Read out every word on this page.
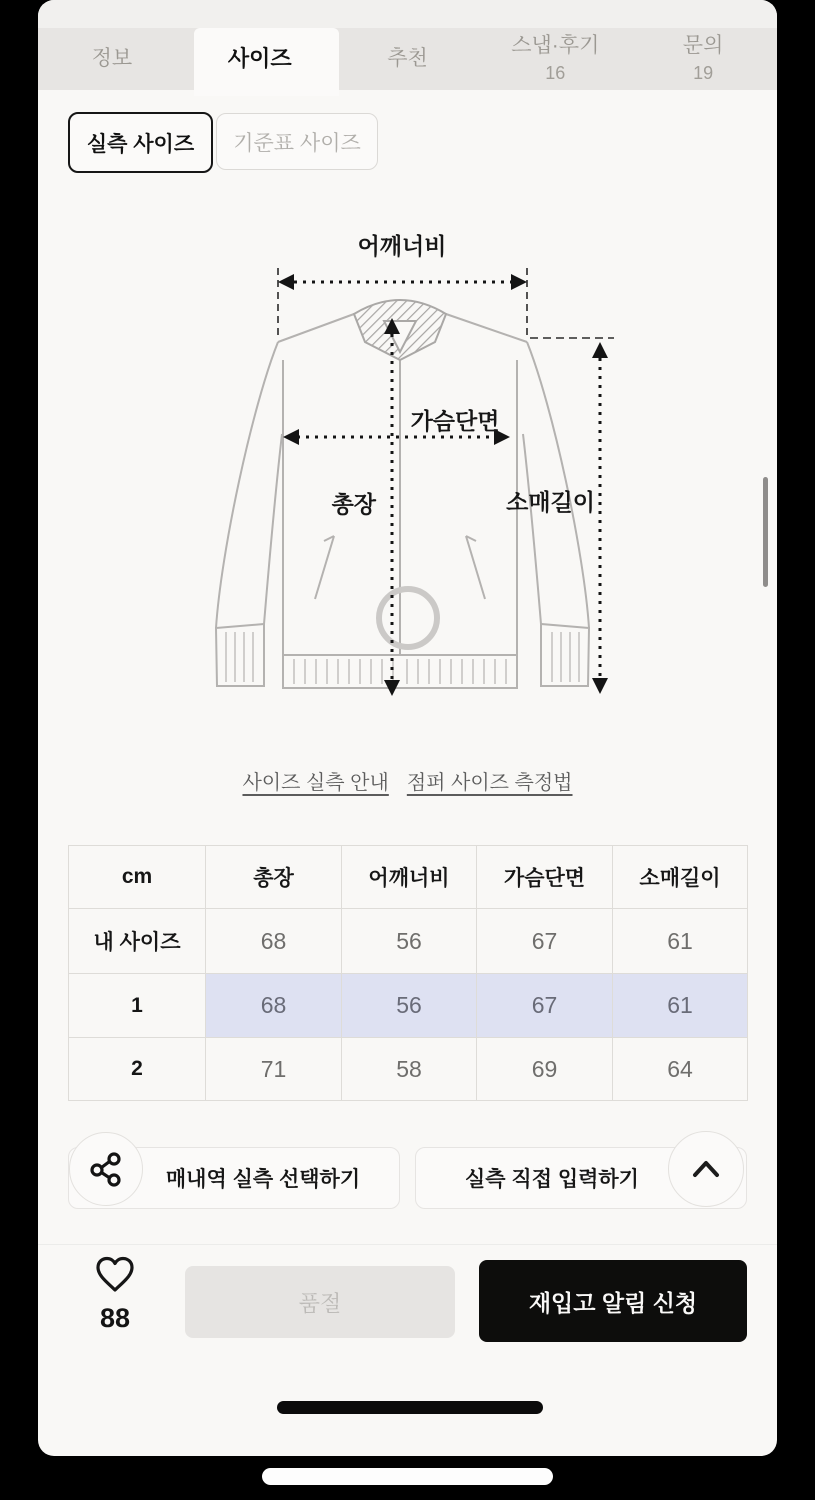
정보	사이즈	추천
스냅·후기
16
문의
19
실측 사이즈 기준표 사이즈
어깨너비
가슴단면
총장	소매길이
사이즈 실측 안내 점퍼 사이즈 측정법
cm	총장	어깨너비	가슴단면	소매길이
내 사이즈	68	56	67	61
1	68	56	67	61
2	71	58	69	64
매내역 실측 선택하기	실측 직접 입력하기
88	품절	재입고 알림 신청
